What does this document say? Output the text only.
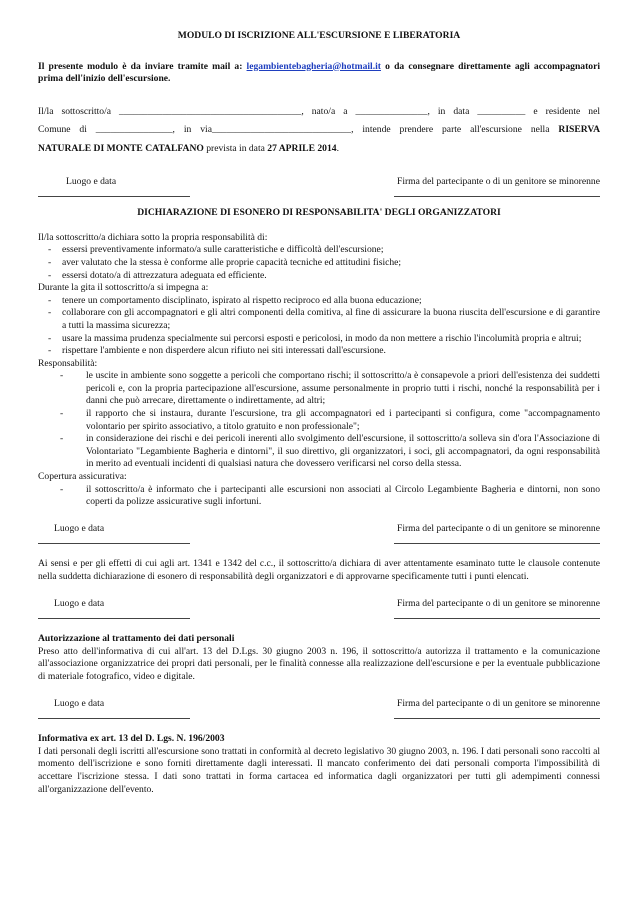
MODULO DI ISCRIZIONE ALL'ESCURSIONE E LIBERATORIA

Il presente modulo è da inviare tramite mail a: legambientebagheria@hotmail.it o da consegnare direttamente agli accompagnatori prima dell'inizio dell'escursione.

Il/la sottoscritto/a ______________________________________, nato/a a _______________, in data __________ e residente nel

Comune di ________________, in via_____________________________, intende prendere parte all'escursione nella RISERVA

NATURALE DI MONTE CATALFANO prevista in data 27 APRILE 2014.

Luogo e data	Firma del partecipante o di un genitore se minorenne
DICHIARAZIONE DI ESONERO DI RESPONSABILITA' DEGLI ORGANIZZATORI

Il/la sottoscritto/a dichiara sotto la propria responsabilità di:

- essersi preventivamente informato/a sulle caratteristiche e difficoltà dell'escursione;
- aver valutato che la stessa è conforme alle proprie capacità tecniche ed attitudini fisiche;
- essersi dotato/a di attrezzatura adeguata ed efficiente.

Durante la gita il sottoscritto/a si impegna a:

- tenere un comportamento disciplinato, ispirato al rispetto reciproco ed alla buona educazione;
- collaborare con gli accompagnatori e gli altri componenti della comitiva, al fine di assicurare la buona riuscita dell'escursione e di garantire a tutti la massima sicurezza;
- usare la massima prudenza specialmente sui percorsi esposti e pericolosi, in modo da non mettere a rischio l'incolumità propria e altrui;
- rispettare l'ambiente e non disperdere alcun rifiuto nei siti interessati dall'escursione.

Responsabilità:

- le uscite in ambiente sono soggette a pericoli che comportano rischi; il sottoscritto/a è consapevole a priori dell'esistenza dei suddetti pericoli e, con la propria partecipazione all'escursione, assume personalmente in proprio tutti i rischi, nonché la responsabilità per i danni che può arrecare, direttamente o indirettamente, ad altri;
- il rapporto che si instaura, durante l'escursione, tra gli accompagnatori ed i partecipanti si configura, come "accompagnamento volontario per spirito associativo, a titolo gratuito e non professionale";
- in considerazione dei rischi e dei pericoli inerenti allo svolgimento dell'escursione, il sottoscritto/a solleva sin d'ora l'Associazione di Volontariato "Legambiente Bagheria e dintorni", il suo direttivo, gli organizzatori, i soci, gli accompagnatori, da ogni responsabilità in merito ad eventuali incidenti di qualsiasi natura che dovessero verificarsi nel corso della stessa.

Copertura assicurativa:

- il sottoscritto/a è informato che i partecipanti alle escursioni non associati al Circolo Legambiente Bagheria e dintorni, non sono coperti da polizze assicurative sugli infortuni.
Luogo e data	Firma del partecipante o di un genitore se minorenne

Ai sensi e per gli effetti di cui agli art. 1341 e 1342 del c.c., il sottoscritto/a dichiara di aver attentamente esaminato tutte le clausole contenute nella suddetta dichiarazione di esonero di responsabilità degli organizzatori e di approvarne specificamente tutti i punti elencati.

Luogo e data	Firma del partecipante o di un genitore se minorenne

Autorizzazione al trattamento dei dati personali

Preso atto dell'informativa di cui all'art. 13 del D.Lgs. 30 giugno 2003 n. 196, il sottoscritto/a autorizza il trattamento e la comunicazione all'associazione organizzatrice dei propri dati personali, per le finalità connesse alla realizzazione dell'escursione e per la eventuale pubblicazione di materiale fotografico, video e digitale.

Luogo e data	Firma del partecipante o di un genitore se minorenne

Informativa ex art. 13 del D. Lgs. N. 196/2003

I dati personali degli iscritti all'escursione sono trattati in conformità al decreto legislativo 30 giugno 2003, n. 196. I dati personali sono raccolti al momento dell'iscrizione e sono forniti direttamente dagli interessati. Il mancato conferimento dei dati personali comporta l'impossibilità di accettare l'iscrizione stessa. I dati sono trattati in forma cartacea ed informatica dagli organizzatori per tutti gli adempimenti connessi all'organizzazione dell'evento.
